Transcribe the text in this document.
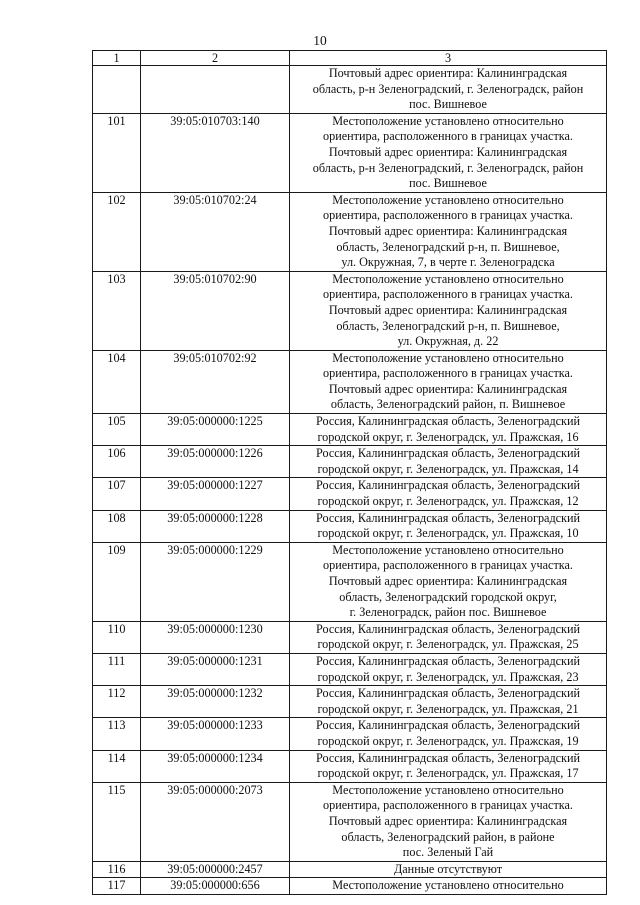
10
1	2	3
		Почтовый адрес ориентира: Калининградская
область, р-н Зеленоградский, г. Зеленоградск, район
пос. Вишневое
101	39:05:010703:140	Местоположение установлено относительно
ориентира, расположенного в границах участка.
Почтовый адрес ориентира: Калининградская
область, р-н Зеленоградский, г. Зеленоградск, район
пос. Вишневое
102	39:05:010702:24	Местоположение установлено относительно
ориентира, расположенного в границах участка.
Почтовый адрес ориентира: Калининградская
область, Зеленоградский р-н, п. Вишневое,
ул. Окружная, 7, в черте г. Зеленоградска
103	39:05:010702:90	Местоположение установлено относительно
ориентира, расположенного в границах участка.
Почтовый адрес ориентира: Калининградская
область, Зеленоградский р-н, п. Вишневое,
ул. Окружная, д. 22
104	39:05:010702:92	Местоположение установлено относительно
ориентира, расположенного в границах участка.
Почтовый адрес ориентира: Калининградская
область, Зеленоградский район, п. Вишневое
105	39:05:000000:1225	Россия, Калининградская область, Зеленоградский
городской округ, г. Зеленоградск, ул. Пражская, 16
106	39:05:000000:1226	Россия, Калининградская область, Зеленоградский
городской округ, г. Зеленоградск, ул. Пражская, 14
107	39:05:000000:1227	Россия, Калининградская область, Зеленоградский
городской округ, г. Зеленоградск, ул. Пражская, 12
108	39:05:000000:1228	Россия, Калининградская область, Зеленоградский
городской округ, г. Зеленоградск, ул. Пражская, 10
109	39:05:000000:1229	Местоположение установлено относительно
ориентира, расположенного в границах участка.
Почтовый адрес ориентира: Калининградская
область, Зеленоградский городской округ,
г. Зеленоградск, район пос. Вишневое
110	39:05:000000:1230	Россия, Калининградская область, Зеленоградский
городской округ, г. Зеленоградск, ул. Пражская, 25
111	39:05:000000:1231	Россия, Калининградская область, Зеленоградский
городской округ, г. Зеленоградск, ул. Пражская, 23
112	39:05:000000:1232	Россия, Калининградская область, Зеленоградский
городской округ, г. Зеленоградск, ул. Пражская, 21
113	39:05:000000:1233	Россия, Калининградская область, Зеленоградский
городской округ, г. Зеленоградск, ул. Пражская, 19
114	39:05:000000:1234	Россия, Калининградская область, Зеленоградский
городской округ, г. Зеленоградск, ул. Пражская, 17
115	39:05:000000:2073	Местоположение установлено относительно
ориентира, расположенного в границах участка.
Почтовый адрес ориентира: Калининградская
область, Зеленоградский район, в районе
пос. Зеленый Гай
116	39:05:000000:2457	Данные отсутствуют
117	39:05:000000:656	Местоположение установлено относительно
